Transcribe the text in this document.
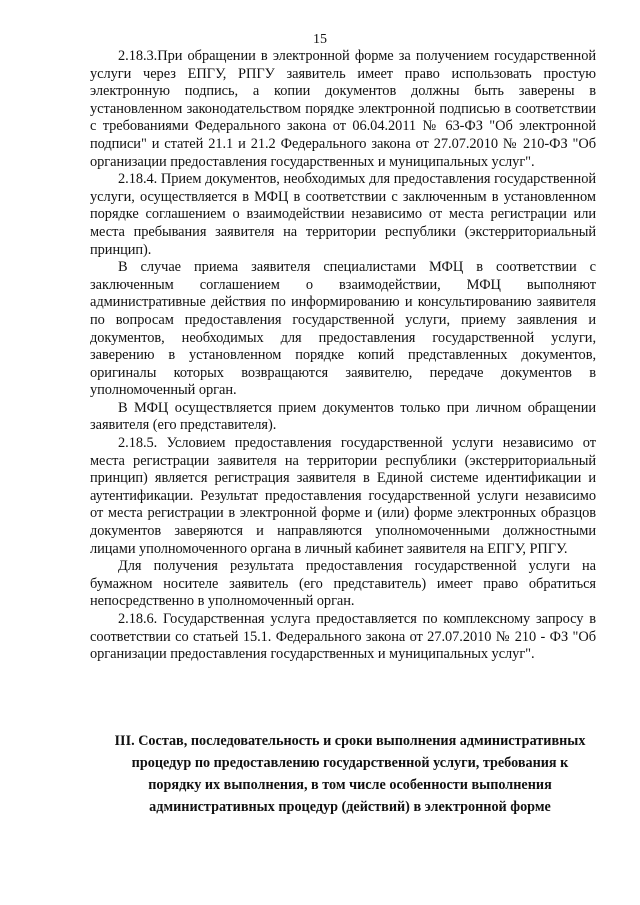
15

2.18.3.При обращении в электронной форме за получением государственной услуги через ЕПГУ, РПГУ заявитель имеет право использовать простую электронную подпись, а копии документов должны быть заверены в установленном законодательством порядке электронной подписью в соответствии с требованиями Федерального закона от 06.04.2011 № 63-ФЗ "Об электронной подписи" и статей 21.1 и 21.2 Федерального закона от 27.07.2010 № 210-ФЗ "Об организации предоставления государственных и муниципальных услуг".

2.18.4. Прием документов, необходимых для предоставления государственной услуги, осуществляется в МФЦ в соответствии с заключенным в установленном порядке соглашением о взаимодействии независимо от места регистрации или места пребывания заявителя на территории республики (экстерриториальный принцип).

В случае приема заявителя специалистами МФЦ в соответствии с заключенным соглашением о взаимодействии, МФЦ выполняют административные действия по информированию и консультированию заявителя по вопросам предоставления государственной услуги, приему заявления и документов, необходимых для предоставления государственной услуги, заверению в установленном порядке копий представленных документов, оригиналы которых возвращаются заявителю, передаче документов в уполномоченный орган.

В МФЦ осуществляется прием документов только при личном обращении заявителя (его представителя).

2.18.5. Условием предоставления государственной услуги независимо от места регистрации заявителя на территории республики (экстерриториальный принцип) является регистрация заявителя в Единой системе идентификации и аутентификации. Результат предоставления государственной услуги независимо от места регистрации в электронной форме и (или) форме электронных образцов документов заверяются и направляются уполномоченными должностными лицами уполномоченного органа в личный кабинет заявителя на ЕПГУ, РПГУ.

Для получения результата предоставления государственной услуги на бумажном носителе заявитель (его представитель) имеет право обратиться непосредственно в уполномоченный орган.

2.18.6. Государственная услуга предоставляется по комплексному запросу в соответствии со статьей 15.1. Федерального закона от 27.07.2010 № 210 - ФЗ "Об организации предоставления государственных и муниципальных услуг".

III. Состав, последовательность и сроки выполнения административных процедур по предоставлению государственной услуги, требования к порядку их выполнения, в том числе особенности выполнения административных процедур (действий) в электронной форме
